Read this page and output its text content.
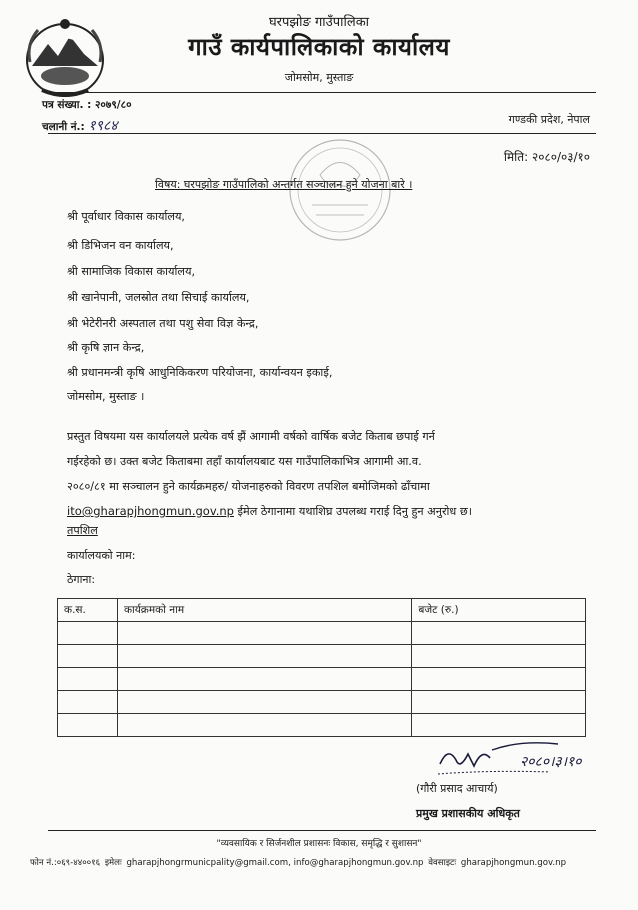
घरपझोङ गाउँपालिका
गाउँ कार्यपालिकाको कार्यालय
जोमसोम, मुस्ताङ
पत्र संख्या. : २०७९/८०
चलानी नं.: १९८४	गण्डकी प्रदेश, नेपाल
मिति: २०८०/०३/१०
विषय: घरपझोङ गाउँपालिको अन्तर्गत सञ्चालन हुने योजना बारे ।
श्री पूर्वाधार विकास कार्यालय,
श्री डिभिजन वन कार्यालय,
श्री सामाजिक विकास कार्यालय,
श्री खानेपानी, जलस्रोत तथा सिचाई कार्यालय,
श्री भेटेरीनरी अस्पताल तथा पशु सेवा विज्ञ केन्द्र,
श्री कृषि ज्ञान केन्द्र,
श्री प्रधानमन्त्री कृषि आधुनिकिकरण परियोजना, कार्यान्वयन इकाई,
जोमसोम, मुस्ताङ ।
प्रस्तुत विषयमा यस कार्यालयले प्रत्येक वर्ष झैं आगामी वर्षको वार्षिक बजेट किताब छपाई गर्न
गईरहेको छ। उक्त बजेट किताबमा तहाँ कार्यालयबाट यस गाउँपालिकाभित्र आगामी आ.व.
२०८०/८१ मा सञ्चालन हुने कार्यक्रमहरु/ योजनाहरुको विवरण तपशिल बमोजिमको ढाँचामा
ito@gharapjhongmun.gov.np ईमेल ठेगानामा यथाशिघ्र उपलब्ध गराई दिनु हुन अनुरोध छ।
तपशिल
कार्यालयको नाम:
ठेगाना:
क.स.	कार्यक्रमको नाम	बजेट (रु.)

२०८०।३।१०
(गौरी प्रसाद आचार्य)
प्रमुख प्रशासकीय अधिकृत
"व्यवसायिक र सिर्जनशील प्रशासनः विकास, समृद्धि र सुशासन"
फोन नं.:०६९-४४००१६ इमेलः gharapjhongrmunicpality@gmail.com, info@gharapjhongmun.gov.np वेवसाइटः gharapjhongmun.gov.np
